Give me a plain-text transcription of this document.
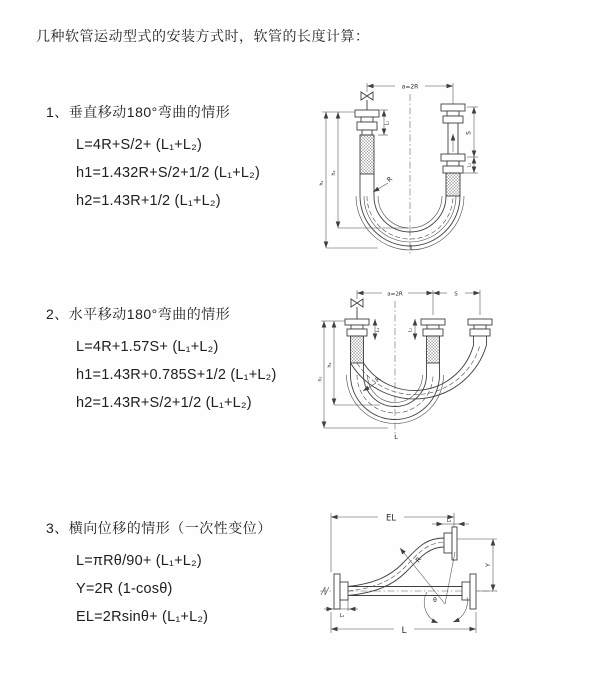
几种软管运动型式的安装方式时，软管的长度计算：
1、垂直移动180°弯曲的情形
L=4R+S/2+ (L₁+L₂)
h1=1.432R+S/2+1/2 (L₁+L₂)
h2=1.43R+1/2 (L₁+L₂)
2、水平移动180°弯曲的情形
L=4R+1.57S+ (L₁+L₂)
h1=1.43R+0.785S+1/2 (L₁+L₂)
h2=1.43R+S/2+1/2 (L₁+L₂)
3、横向位移的情形（一次性变位）
L=πRθ/90+ (L₁+L₂)
Y=2R (1-cosθ)
EL=2Rsinθ+ (L₁+L₂)
a=2R
L₁
S
L₂
R
h₂
h₁
L
a=2R	S
L₁	L₂
R
h₂
h₁
L
EL	L₂
Y
R
θ
L₁
L
